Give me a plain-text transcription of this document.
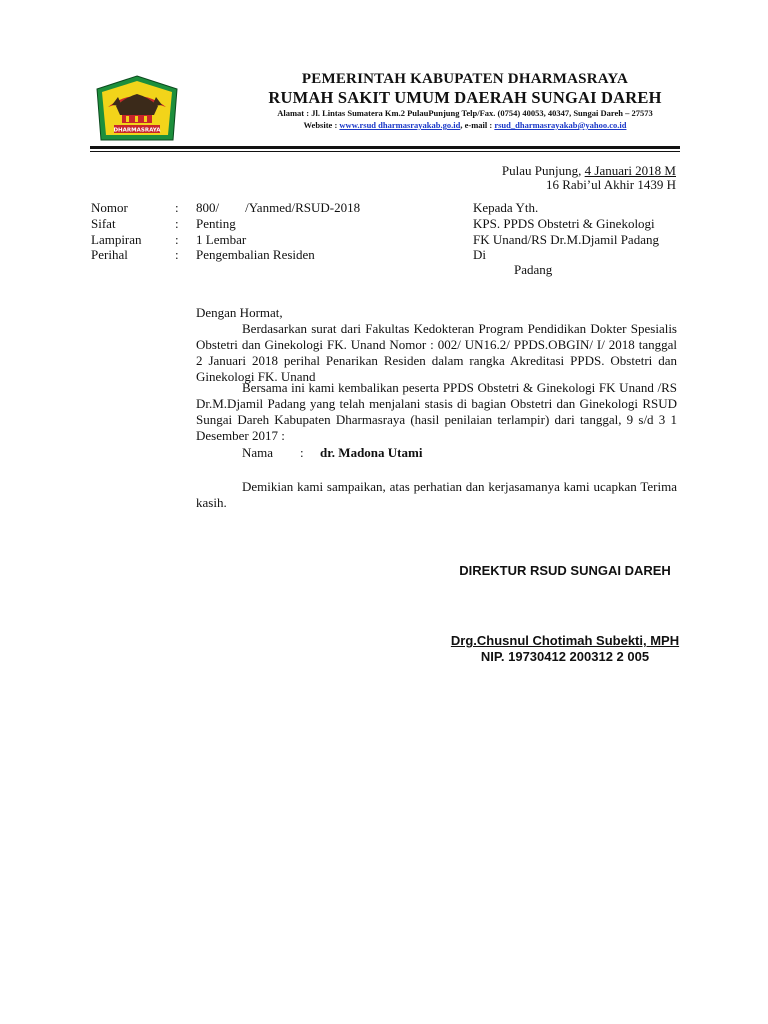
DHARMASRAYA
PEMERINTAH KABUPATEN DHARMASRAYA
RUMAH SAKIT UMUM DAERAH SUNGAI DAREH
Alamat : Jl. Lintas Sumatera Km.2 PulauPunjung Telp/Fax. (0754) 40053, 40347, Sungai Dareh – 27573
Website : www.rsud dharmasrayakab.go.id, e-mail : rsud_dharmasrayakab@yahoo.co.id
Pulau Punjung, 4 Januari 2018 M
16 Rabi’ul Akhir 1439 H
Nomor	: 800/        /Yanmed/RSUD-2018
Sifat	: Penting
Lampiran	: 1 Lembar
Perihal	: Pengembalian Residen
Kepada Yth.
KPS. PPDS Obstetri & Ginekologi
FK Unand/RS Dr.M.Djamil Padang
Di
Padang
Dengan Hormat,
Berdasarkan surat dari Fakultas Kedokteran Program Pendidikan Dokter Spesialis Obstetri dan Ginekologi FK. Unand Nomor : 002/ UN16.2/ PPDS.OBGIN/ I/ 2018 tanggal 2 Januari 2018 perihal Penarikan Residen dalam rangka Akreditasi PPDS. Obstetri dan Ginekologi FK. Unand
Bersama ini kami kembalikan peserta PPDS Obstetri & Ginekologi FK Unand /RS Dr.M.Djamil Padang yang telah menjalani stasis di bagian Obstetri dan Ginekologi RSUD Sungai Dareh Kabupaten Dharmasraya (hasil penilaian terlampir) dari tanggal, 9 s/d 3 1 Desember 2017 :
Nama : dr. Madona Utami
Demikian kami sampaikan, atas perhatian dan kerjasamanya kami ucapkan Terima kasih.
DIREKTUR RSUD SUNGAI DAREH
Drg.Chusnul Chotimah Subekti, MPH
NIP. 19730412 200312 2 005
